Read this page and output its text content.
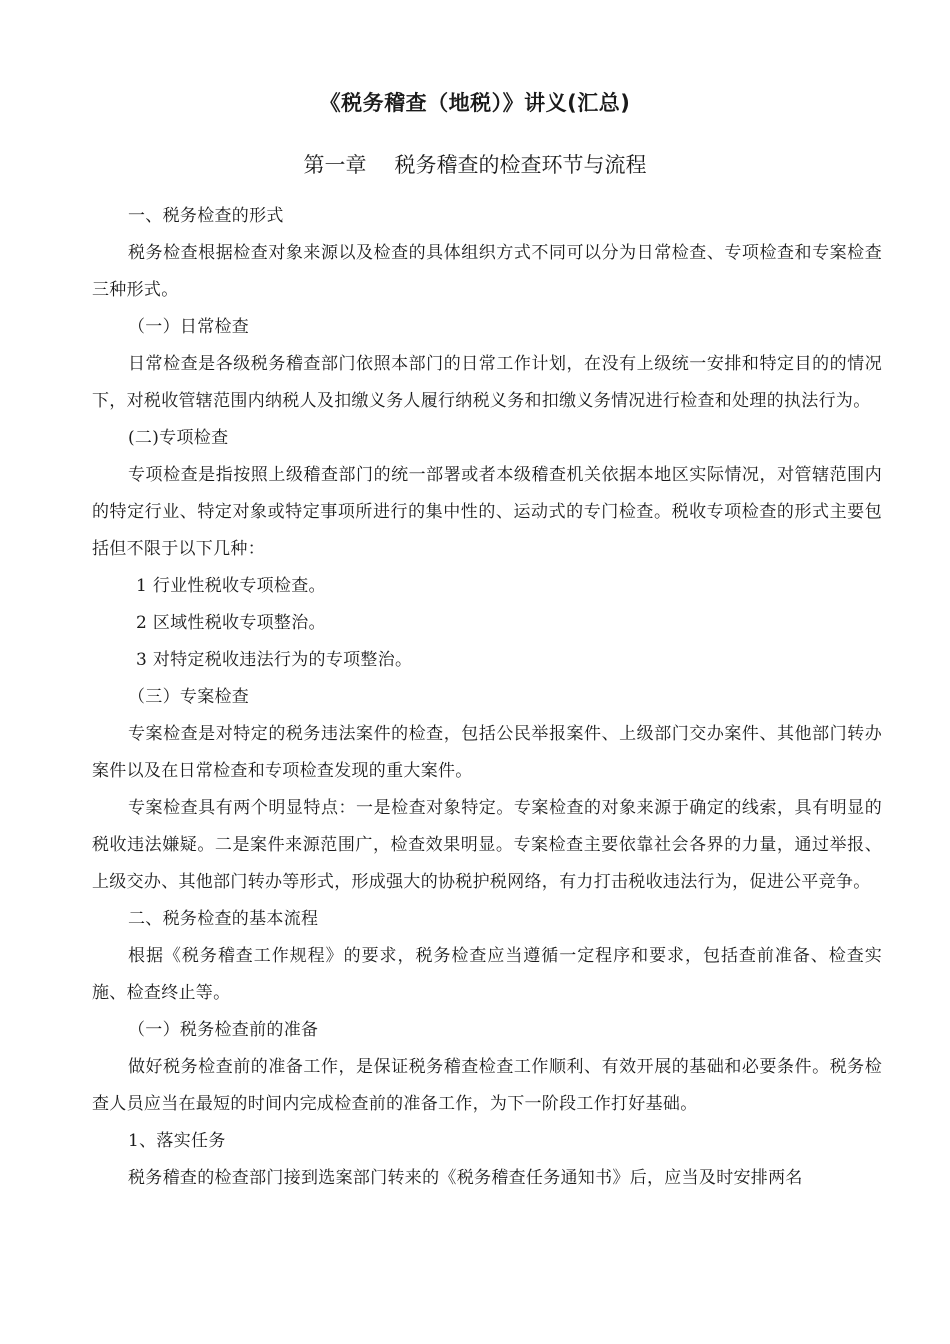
《税务稽查（地税）》讲义(汇总)
第一章 税务稽查的检查环节与流程

一、税务检查的形式

税务检查根据检查对象来源以及检查的具体组织方式不同可以分为日常检查、专项检查和专案检查三种形式。

（一）日常检查

日常检查是各级税务稽查部门依照本部门的日常工作计划，在没有上级统一安排和特定目的的情况下，对税收管辖范围内纳税人及扣缴义务人履行纳税义务和扣缴义务情况进行检查和处理的执法行为。

(二)专项检查

专项检查是指按照上级稽查部门的统一部署或者本级稽查机关依据本地区实际情况，对管辖范围内的特定行业、特定对象或特定事项所进行的集中性的、运动式的专门检查。税收专项检查的形式主要包括但不限于以下几种：

1 行业性税收专项检查。

2 区域性税收专项整治。

3 对特定税收违法行为的专项整治。

（三）专案检查

专案检查是对特定的税务违法案件的检查，包括公民举报案件、上级部门交办案件、其他部门转办案件以及在日常检查和专项检查发现的重大案件。

专案检查具有两个明显特点：一是检查对象特定。专案检查的对象来源于确定的线索，具有明显的税收违法嫌疑。二是案件来源范围广，检查效果明显。专案检查主要依靠社会各界的力量，通过举报、上级交办、其他部门转办等形式，形成强大的协税护税网络，有力打击税收违法行为，促进公平竞争。

二、税务检查的基本流程

根据《税务稽查工作规程》的要求，税务检查应当遵循一定程序和要求，包括查前准备、检查实施、检查终止等。

（一）税务检查前的准备

做好税务检查前的准备工作，是保证税务稽查检查工作顺利、有效开展的基础和必要条件。税务检查人员应当在最短的时间内完成检查前的准备工作，为下一阶段工作打好基础。

1、落实任务

税务稽查的检查部门接到选案部门转来的《税务稽查任务通知书》后，应当及时安排两名
